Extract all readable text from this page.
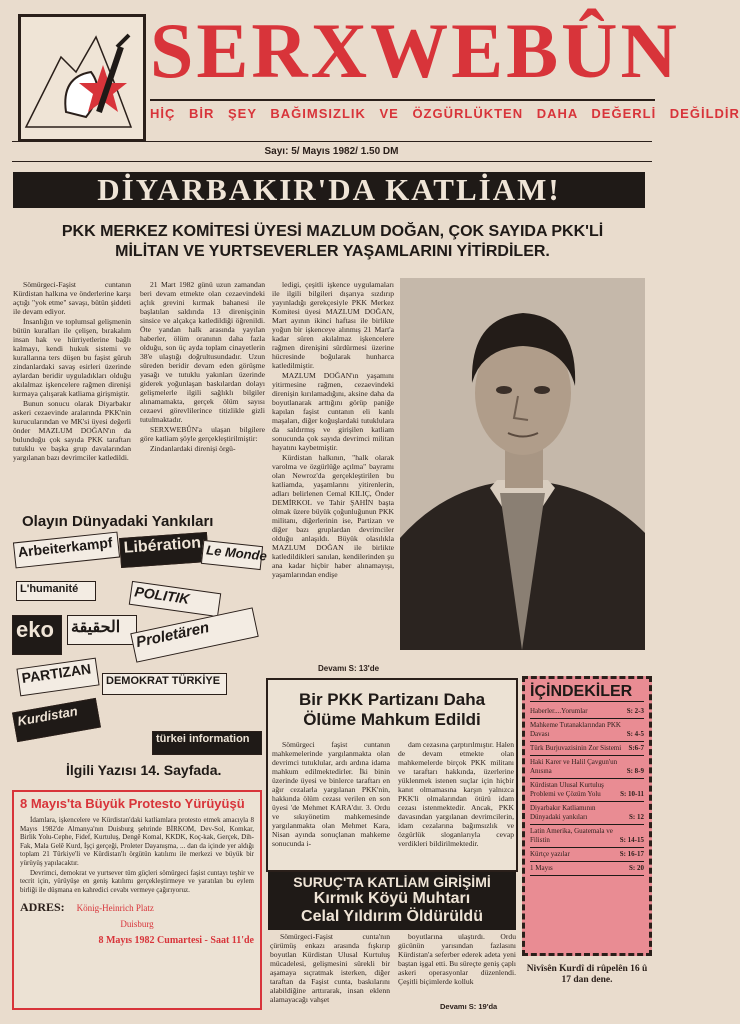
SERXWEBÛN
HİÇ BİR ŞEY BAĞIMSIZLIK VE ÖZGÜRLÜKTEN DAHA DEĞERLİ DEĞİLDİR
Sayı: 5/ Mayıs 1982/ 1.50 DM
DİYARBAKIR'DA KATLİAM!
PKK MERKEZ KOMİTESİ ÜYESİ MAZLUM DOĞAN, ÇOK SAYIDA PKK'Lİ MİLİTAN VE YURTSEVERLER YAŞAMLARINI YİTİRDİLER.

Sömürgeci-Faşist cuntanın Kürdistan halkına ve önderlerine karşı açtığı "yok etme" savaşı, bütün şiddeti ile devam ediyor.

İnsanlığın ve toplumsal gelişmenin bütün kuralları ile çelişen, bırakalım insan hak ve hürriyetlerine bağlı kalmayı, kendi hukuk sistemi ve kurallarına ters düşen bu faşist güruh zindanlardaki savaş esirleri üzerinde aylardan beridir uyguladıkları olduğu akılalmaz işkencelere rağmen direnişi kırmaya çalışarak katliama girişmiştir.

Bunun sonucu olarak Diyarbakır askeri cezaevinde aralarında PKK'nin kurucularından ve MK'si üyesi değerli önder MAZLUM DOĞAN'ın da bulunduğu çok sayıda PKK taraftarı tutuklu ve başka grup davalarından yargılanan bazı devrimciler katledildi.

21 Mart 1982 günü uzun zamandan beri devam etmekte olan cezaevindeki açlık grevini kırmak bahanesi ile başlatılan saldırıda 13 direnişçinin sinsice ve alçakça katledildiği öğrenildi. Öte yandan halk arasında yayılan haberler, ölüm oranının daha fazla olduğu, son üç ayda toplam cinayetlerin 38'e ulaştığı doğrultusundadır. Uzun süreden beridir devam eden görüşme yasağı ve tutuklu yakınları üzerinde giderek yoğunlaşan baskılardan dolayı gelişmelerle ilgili sağlıklı bilgiler alınamamakta, gerçek ölüm sayısı cezaevi görevlilerince titizlikle gizli tutulmaktadır.

SERXWEBÛN'a ulaşan bilgilere göre katliam şöyle gerçekleştirilmiştir:

Zindanlardaki direnişi örgü-

ledigi, çeşitli işkence uygulamaları ile ilgili bilgileri dışarıya sızdırıp yayınladığı gerekçesiyle PKK Merkez Komitesi üyesi MAZLUM DOĞAN, Mart ayının ikinci haftası ile birlikte yoğun bir işkenceye alınmış 21 Mart'a kadar süren akılalmaz işkencelere rağmen direnişini sürdürmesi üzerine hücresinde boğularak hunharca katledilmiştir.

MAZLUM DOĞAN'ın yaşamını yitirmesine rağmen, cezaevindeki direnişin kırılamadığını, aksine daha da boyutlanarak arttığını görüp paniğe kapılan faşist cuntanın eli kanlı maşaları, diğer koğuşlardaki tutuklulara da saldırmış ve girişilen katliam sonucunda çok sayıda devrimci militan hayatını kaybetmiştir.

Kürdistan halkının, "halk olarak varolma ve özgürlüğe açılma" bayramı olan Newroz'da gerçekleştirilen bu katliamda, yaşamlarını yitirenlerin, adları belirlenen Cemal KILIÇ, Önder DEMİRKOL ve Tahir ŞAHİN başta olmak üzere büyük çoğunluğunun PKK militanı, diğerlerinin ise, Partizan ve diğer bazı gruplardan devrimciler olduğu anlaşıldı. Büyük olasılıkla MAZLUM DOĞAN ile birlikte katledildikleri sanılan, kendilerinden şu ana kadar hiçbir haber alınamayışı, yaşamlarından endişe

Devamı S: 13'de
Olayın Dünyadaki Yankıları
Arbeiterkampf Libération Le Monde
L'humanité	POLITIK
eko	الحقيقة Proletären
PARTIZAN	DEMOKRAT TÜRKİYE
Kurdistan
türkei information
İlgili Yazısı 14. Sayfada.
Bir PKK Partizanı Daha
Ölüme Mahkum Edildi

Sömürgeci faşist cuntanın mahkemelerinde yargılanmakta olan devrimci tutuklular, ardı ardına idama mahkum edilmektedirler. İki binin üzerinde üyesi ve binlerce taraftarı en ağır cezalarla yargılanan PKK'nin, hakkında ölüm cezası verilen en son üyesi 'de Mehmet KARA'dır. 3. Ordu ve sıkıyönetim mahkemesinde yargılanmakta olan Mehmet Kara, Nisan ayında sonuçlanan mahkeme sonucunda i-

dam cezasına çarptırılmıştır. Halen de devam etmekte olan mahkemelerde birçok PKK militanı ve taraftarı hakkında, üzerlerine yüklenmek istenen suçlar için hiçbir kanıt olmamasına karşın yalnızca PKK'li olmalarından ötürü idam cezası istenmektedir. Ancak, PKK davasından yargılanan devrimcilerin, idam cezalarına bağımsızlık ve özgürlük sloganlarıyla cevap verdikleri bildirilmektedir.

SURUÇ'TA KATLİAM GİRİŞİMİ
Kırmık Köyü Muhtarı
Celal Yıldırım Öldürüldü

Sömürgeci-Faşist cunta'nın çürümüş enkazı arasında fışkırıp boyutlan Kürdistan Ulusal Kurtuluş mücadelesi, gelişmesini sürekli bir aşamaya sıçratmak isterken, diğer taraftan da Faşist cunta, baskılarını alabildiğine arttırarak, insan eklenn alamayacağı vahşet

boyutlarına ulaştırdı. Ordu gücünün yarısından fazlasını Kürdistan'a seferber ederek adeta yeni baştan işgal etti. Bu süreçte geniş çaplı askeri operasyonlar düzenlendi. Çeşitli biçimlerde kolluk

Devamı S: 19'da
İÇİNDEKİLER
Haberler....Yorumlar	S: 2-3
Mahkeme Tutanaklarından PKK Davası	S: 4-5
Türk Burjuvazisinin Zor Sistemi	S:6-7
Haki Karer ve Halil Çavgun'un Anısına	S: 8-9
Kürdistan Ulusal Kurtuluş Problemi ve Çözüm Yolu	S: 10-11
Diyarbakır Katliamının Dünyadaki yankıları	S: 12
Latin Amerika, Guatemala ve Filistin	S: 14-15
Kürtçe yazılar	S: 16-17
1 Mayıs	S: 20
Nivîsên Kurdî di rûpelên 16 û 17 dan dene.
8 Mayıs'ta Büyük Protesto Yürüyüşü

İdamlara, işkencelere ve Kürdistan'daki katliamlara protesto etmek amacıyla 8 Mayıs 1982'de Almanya'nın Duisburg şehrinde BİRKOM, Dev-Sol, Komkar, Birlik Yolu-Cephe, Fidef, Kurtuluş, Dengê Komal, KKDK, Koç-kak, Gerçek, Dih-Fak, Mala Gelê Kurd, İşçi gerçeği, Proleter Dayanışma, ... dan da içinde yer aldığı toplam 21 Türkiye'li ve Kürdistan'lı örgütün katılımı ile merkezi ve büyük bir yürüyüş yapılacaktır.

Devrimci, demokrat ve yurtsever tüm güçleri sömürgeci faşist cuntayı teşhir ve tecrit için, yürüyüşe en geniş katılımı gerçekleştirmeye ve yaratılan bu eylem birliği ile düşmana en kahredici cevabı vermeye çağırıyoruz.

ADRES: König-Heinrich Platz
Duisburg
8 Mayıs 1982 Cumartesi - Saat 11'de
